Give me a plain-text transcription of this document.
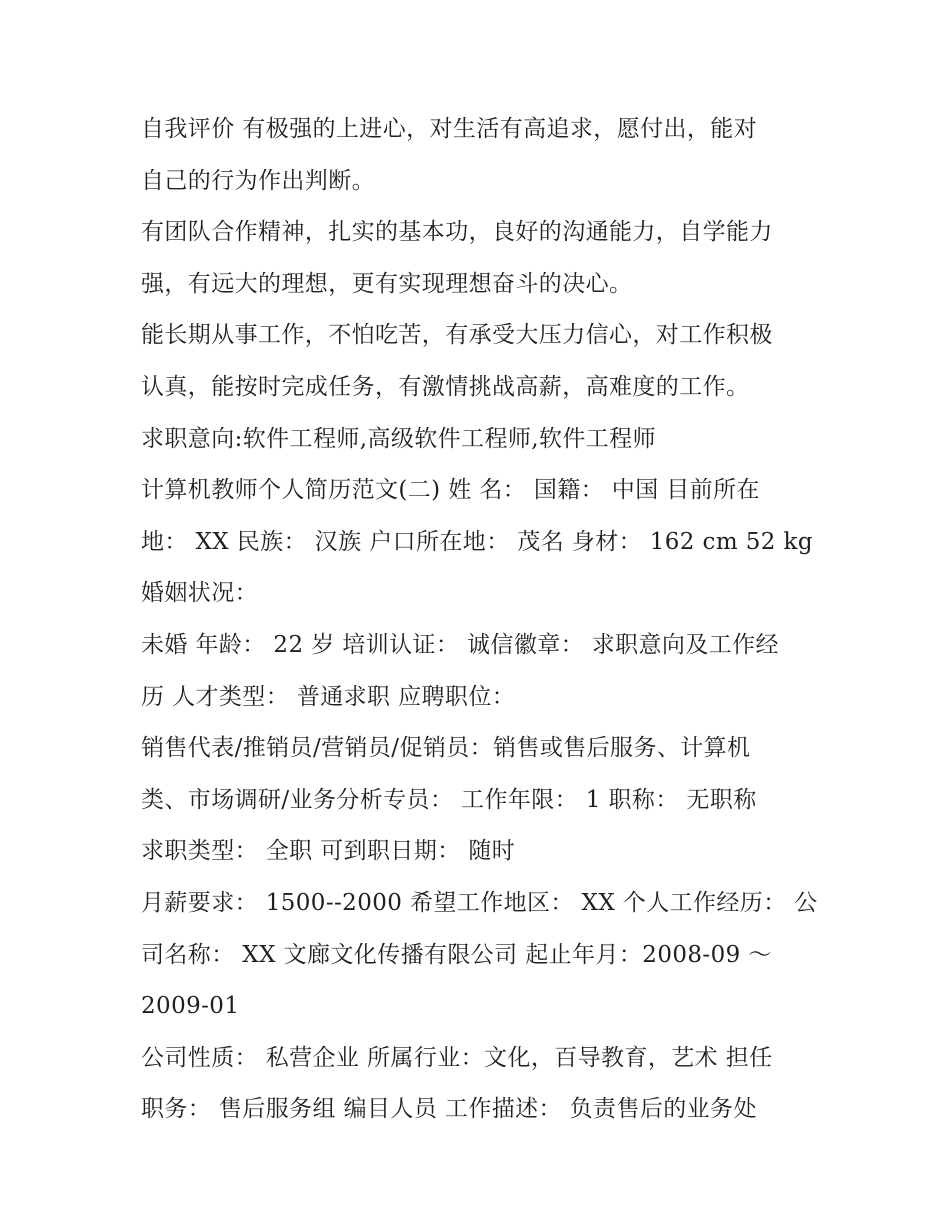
自我评价 有极强的上进心，对生活有高追求，愿付出，能对
自己的行为作出判断。
有团队合作精神，扎实的基本功，良好的沟通能力，自学能力
强，有远大的理想，更有实现理想奋斗的决心。
能长期从事工作，不怕吃苦，有承受大压力信心，对工作积极
认真，能按时完成任务，有激情挑战高薪，高难度的工作。
求职意向:软件工程师,高级软件工程师,软件工程师
计算机教师个人简历范文(二) 姓 名： 国籍： 中国 目前所在
地： XX 民族： 汉族 户口所在地： 茂名 身材： 162 cm 52 kg
婚姻状况：
未婚 年龄： 22 岁 培训认证： 诚信徽章： 求职意向及工作经
历 人才类型： 普通求职 应聘职位：
销售代表/推销员/营销员/促销员：销售或售后服务、计算机
类、市场调研/业务分析专员： 工作年限： 1 职称： 无职称
求职类型： 全职 可到职日期： 随时
月薪要求： 1500--2000 希望工作地区： XX 个人工作经历： 公
司名称： XX 文廊文化传播有限公司 起止年月：2008-09 ～
2009-01
公司性质： 私营企业 所属行业：文化，百导教育，艺术 担任
职务： 售后服务组 编目人员 工作描述： 负责售后的业务处
